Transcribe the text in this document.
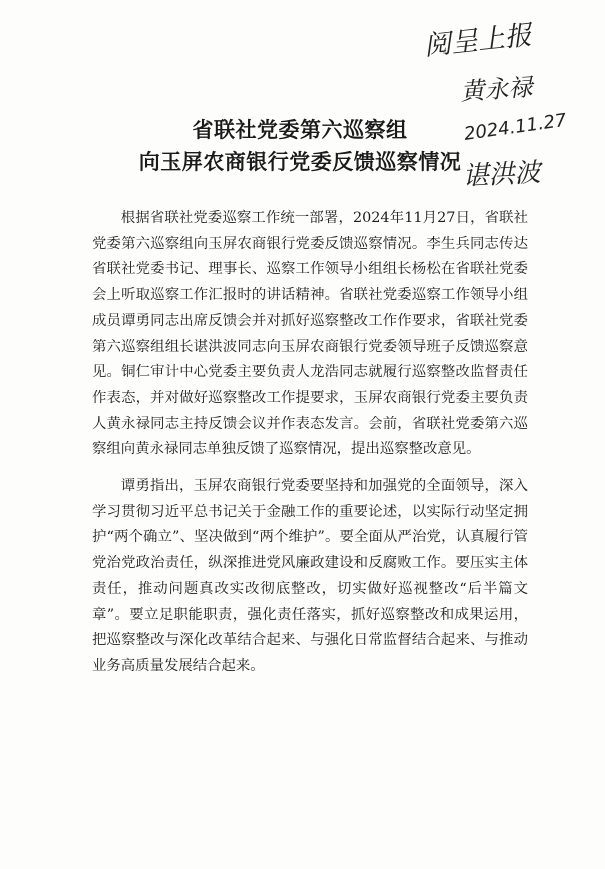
阅呈上报
黄永禄
2024.11.27
谌洪波
省联社党委第六巡察组
向玉屏农商银行党委反馈巡察情况

根据省联社党委巡察工作统一部署，2024年11月27日，省联社党委第六巡察组向玉屏农商银行党委反馈巡察情况。李生兵同志传达省联社党委书记、理事长、巡察工作领导小组组长杨松在省联社党委会上听取巡察工作汇报时的讲话精神。省联社党委巡察工作领导小组成员谭勇同志出席反馈会并对抓好巡察整改工作作要求，省联社党委第六巡察组组长谌洪波同志向玉屏农商银行党委领导班子反馈巡察意见。铜仁审计中心党委主要负责人龙浩同志就履行巡察整改监督责任作表态，并对做好巡察整改工作提要求，玉屏农商银行党委主要负责人黄永禄同志主持反馈会议并作表态发言。会前，省联社党委第六巡察组向黄永禄同志单独反馈了巡察情况，提出巡察整改意见。

谭勇指出，玉屏农商银行党委要坚持和加强党的全面领导，深入学习贯彻习近平总书记关于金融工作的重要论述，以实际行动坚定拥护“两个确立”、坚决做到“两个维护”。要全面从严治党，认真履行管党治党政治责任，纵深推进党风廉政建设和反腐败工作。要压实主体责任，推动问题真改实改彻底整改，切实做好巡视整改“后半篇文章”。要立足职能职责，强化责任落实，抓好巡察整改和成果运用，把巡察整改与深化改革结合起来、与强化日常监督结合起来、与推动业务高质量发展结合起来。
